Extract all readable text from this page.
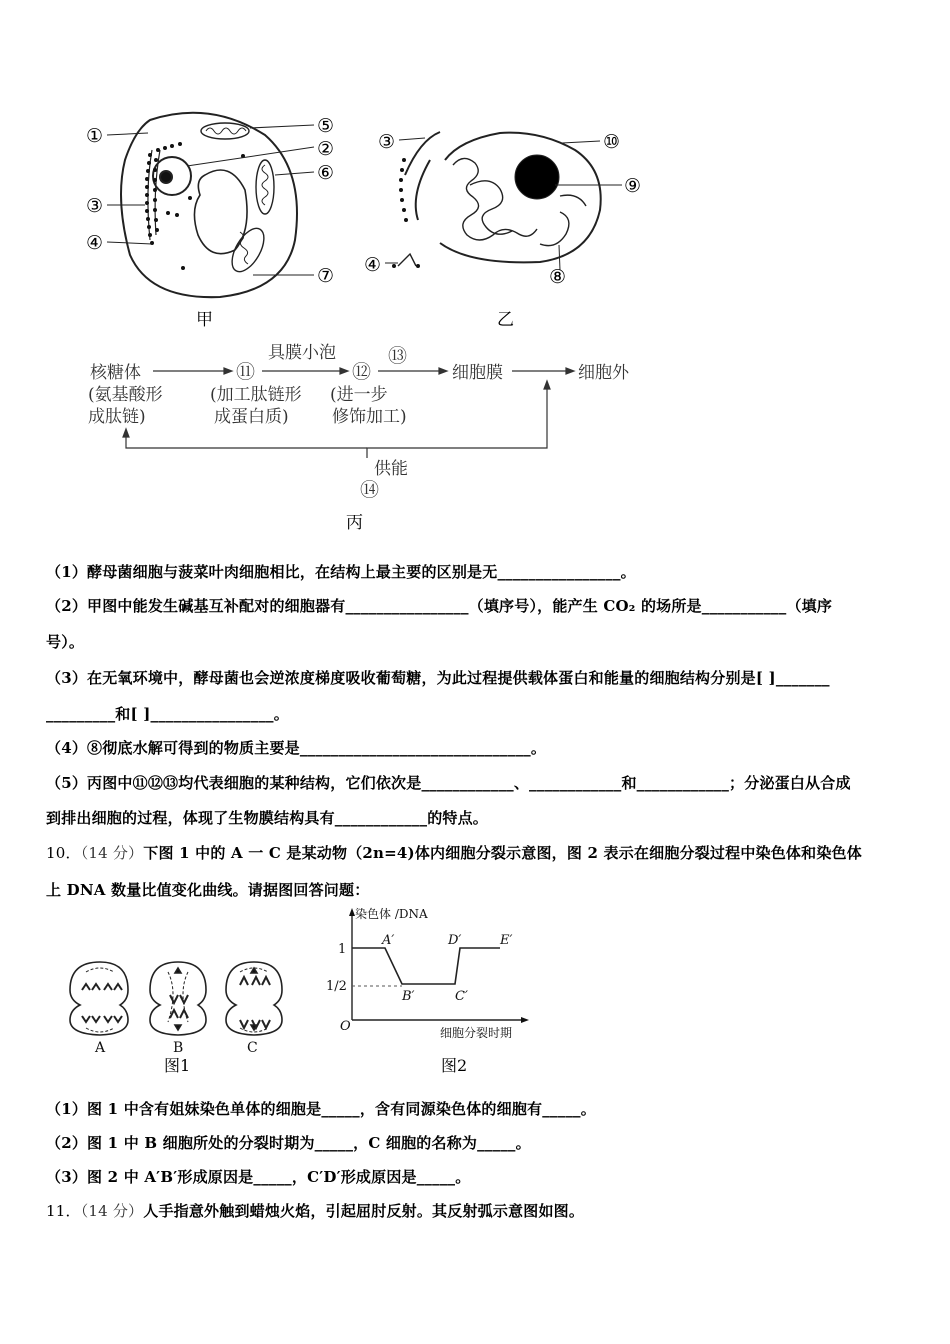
①
②
③
④
⑤
⑥
⑦
甲
③
④
⑧
⑨
⑩
乙
核糖体
(氨基酸形
成肽链)
⑪
(加工肽链形
成蛋白质)
具膜小泡
⑫
(进一步
修饰加工)
⑬
细胞膜	细胞外
供能
⑭
丙
（1）酵母菌细胞与菠菜叶肉细胞相比，在结构上最主要的区别是无________________。
（2）甲图中能发生碱基互补配对的细胞器有________________（填序号），能产生 CO₂ 的场所是___________（填序
号）。
（3）在无氧环境中，酵母菌也会逆浓度梯度吸收葡萄糖，为此过程提供载体蛋白和能量的细胞结构分别是[ ]_______
_________和[ ]________________。
（4）⑧彻底水解可得到的物质主要是______________________________。
（5）丙图中⑪⑫⑬均代表细胞的某种结构，它们依次是____________、____________和____________；分泌蛋白从合成
到排出细胞的过程，体现了生物膜结构具有____________的特点。
10．（14 分）下图 1 中的 A 一 C 是某动物（2n=4)体内细胞分裂示意图，图 2 表示在细胞分裂过程中染色体和染色体
上 DNA 数量比值变化曲线。请据图回答问题：
A	B	C
图1
染色体 /DNA
细胞分裂时期
O
1
1/2
A′
B′	C′
D′	E′
图2
（1）图 1 中含有姐妹染色单体的细胞是_____，含有同源染色体的细胞有_____。
（2）图 1 中 B 细胞所处的分裂时期为_____，C 细胞的名称为_____。
（3）图 2 中 A′B′形成原因是_____，C′D′形成原因是_____。
11．（14 分）人手指意外触到蜡烛火焰，引起屈肘反射。其反射弧示意图如图。
